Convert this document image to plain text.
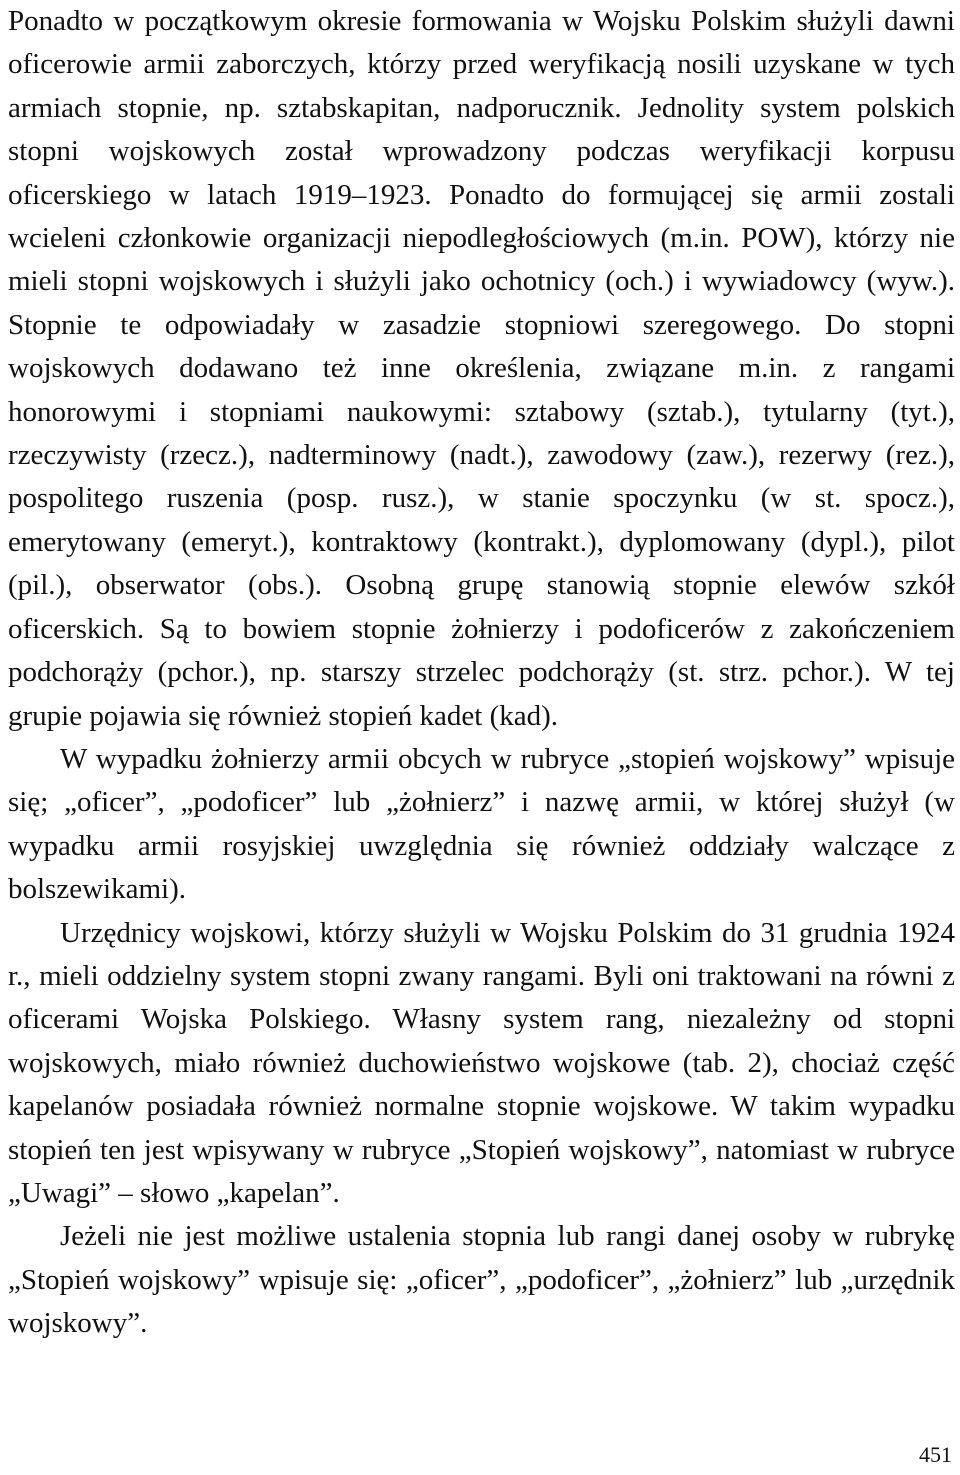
Ponadto w początkowym okresie formowania w Wojsku Polskim służyli dawni oficerowie armii zaborczych, którzy przed weryfikacją nosili uzyskane w tych armiach stopnie, np. sztabskapitan, nadporucznik. Jednolity system polskich stopni wojskowych został wprowadzony podczas weryfikacji korpusu oficerskiego w latach 1919–1923. Ponadto do formującej się armii zostali wcieleni członkowie organizacji niepodległościowych (m.in. POW), którzy nie mieli stopni wojskowych i służyli jako ochotnicy (och.) i wywiadowcy (wyw.). Stopnie te odpowiadały w zasadzie stopniowi szeregowego. Do stopni wojskowych dodawano też inne określenia, związane m.in. z rangami honorowymi i stopniami naukowymi: sztabowy (sztab.), tytularny (tyt.), rzeczywisty (rzecz.), nadterminowy (nadt.), zawodowy (zaw.), rezerwy (rez.), pospolitego ruszenia (posp. rusz.), w stanie spoczynku (w st. spocz.), emerytowany (emeryt.), kontraktowy (kontrakt.), dyplomowany (dypl.), pilot (pil.), obserwator (obs.). Osobną grupę stanowią stopnie elewów szkół oficerskich. Są to bowiem stopnie żołnierzy i podoficerów z zakończeniem podchorąży (pchor.), np. starszy strzelec podchorąży (st. strz. pchor.). W tej grupie pojawia się również stopień kadet (kad).

W wypadku żołnierzy armii obcych w rubryce „stopień wojskowy” wpisuje się; „oficer”, „podoficer” lub „żołnierz” i nazwę armii, w której służył (w wypadku armii rosyjskiej uwzględnia się również oddziały walczące z bolszewikami).

Urzędnicy wojskowi, którzy służyli w Wojsku Polskim do 31 grudnia 1924 r., mieli oddzielny system stopni zwany rangami. Byli oni traktowani na równi z oficerami Wojska Polskiego. Własny system rang, niezależny od stopni wojskowych, miało również duchowieństwo wojskowe (tab. 2), chociaż część kapelanów posiadała również normalne stopnie wojskowe. W takim wypadku stopień ten jest wpisywany w rubryce „Stopień wojskowy”, natomiast w rubryce „Uwagi” – słowo „kapelan”.

Jeżeli nie jest możliwe ustalenia stopnia lub rangi danej osoby w rubrykę „Stopień wojskowy” wpisuje się: „oficer”, „podoficer”, „żołnierz” lub „urzędnik wojskowy”.

451
